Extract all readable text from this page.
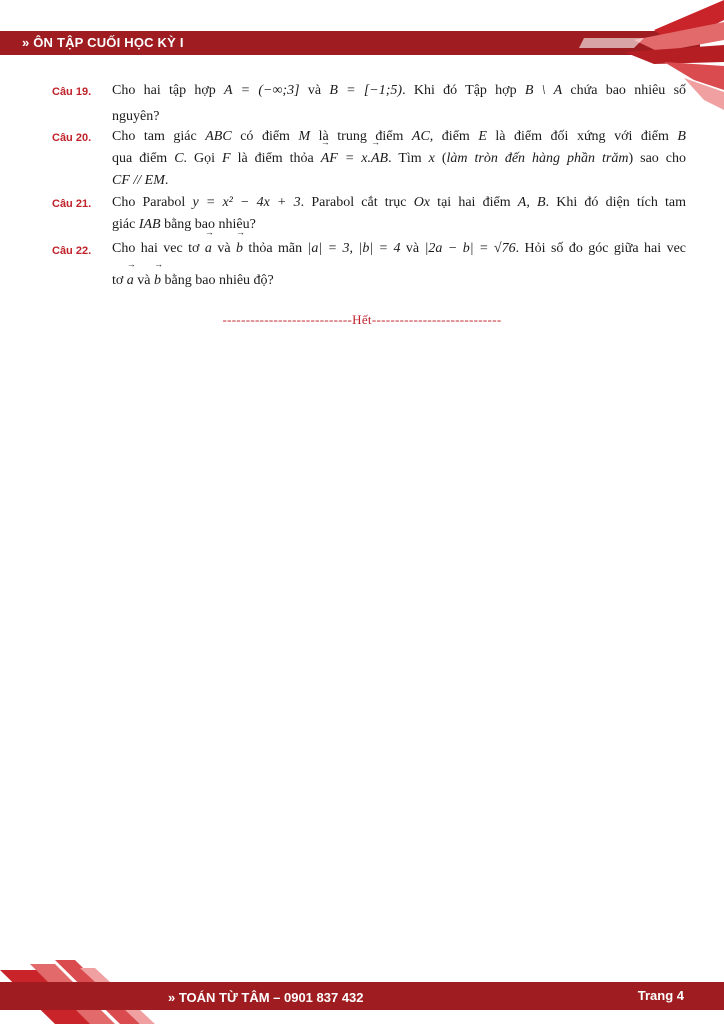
» ÔN TẬP CUỐI HỌC KỲ I
Câu 19.	Cho hai tập hợp A = (−∞;3] và B = [−1;5). Khi đó Tập hợp B \ A chứa bao nhiêu số
nguyên?
Câu 20.	Cho tam giác ABC có điểm M là trung điểm AC, điểm E là điểm đối xứng với điểm B
qua điểm C. Gọi F là điểm thỏa → AF = x.→ AB. Tìm x (làm tròn đến hàng phần trăm) sao cho
CF // EM.
Câu 21.	Cho Parabol y = x² − 4x + 3. Parabol cắt trục Ox tại hai điểm A, B. Khi đó diện tích tam
giác IAB bằng bao nhiêu?
Câu 22.	Cho hai vec tơ → a và → b thỏa mãn |a| = 3, |b| = 4 và |2a − b| = √76. Hỏi số đo góc giữa hai vec
tơ → a và → b bằng bao nhiêu độ?
----------------------------Hết----------------------------
» TOÁN TỪ TÂM – 0901 837 432	Trang 4
